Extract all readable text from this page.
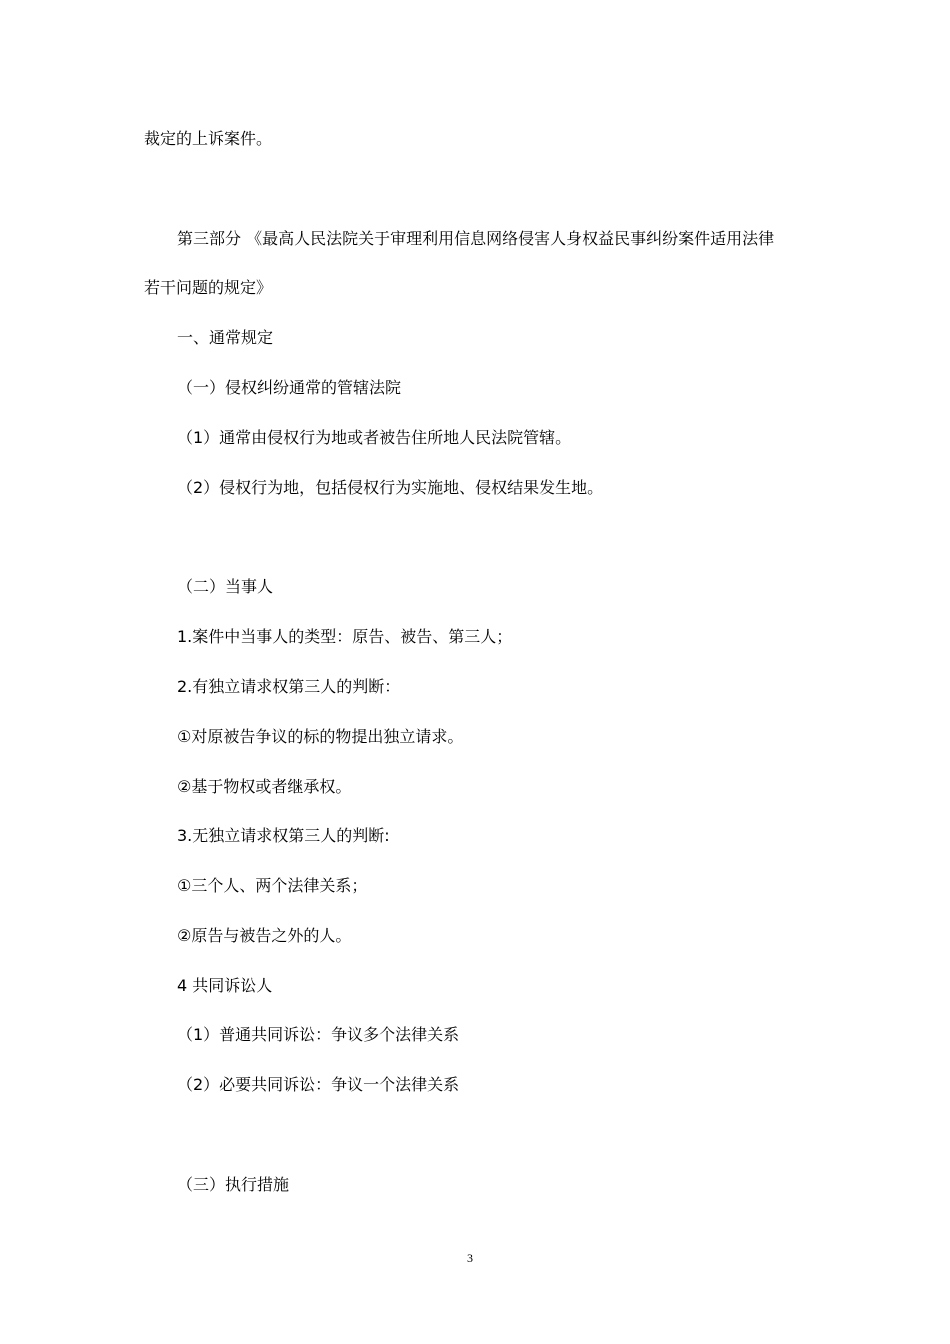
裁定的上诉案件。
第三部分 《最高人民法院关于审理利用信息网络侵害人身权益民事纠纷案件适用法律
若干问题的规定》
一、通常规定
（一）侵权纠纷通常的管辖法院
（1）通常由侵权行为地或者被告住所地人民法院管辖。
（2）侵权行为地，包括侵权行为实施地、侵权结果发生地。
（二）当事人
1.案件中当事人的类型：原告、被告、第三人；
2.有独立请求权第三人的判断：
①对原被告争议的标的物提出独立请求。
②基于物权或者继承权。
3.无独立请求权第三人的判断:
①三个人、两个法律关系；
②原告与被告之外的人。
4 共同诉讼人
（1）普通共同诉讼：争议多个法律关系
（2）必要共同诉讼：争议一个法律关系
（三）执行措施
3
